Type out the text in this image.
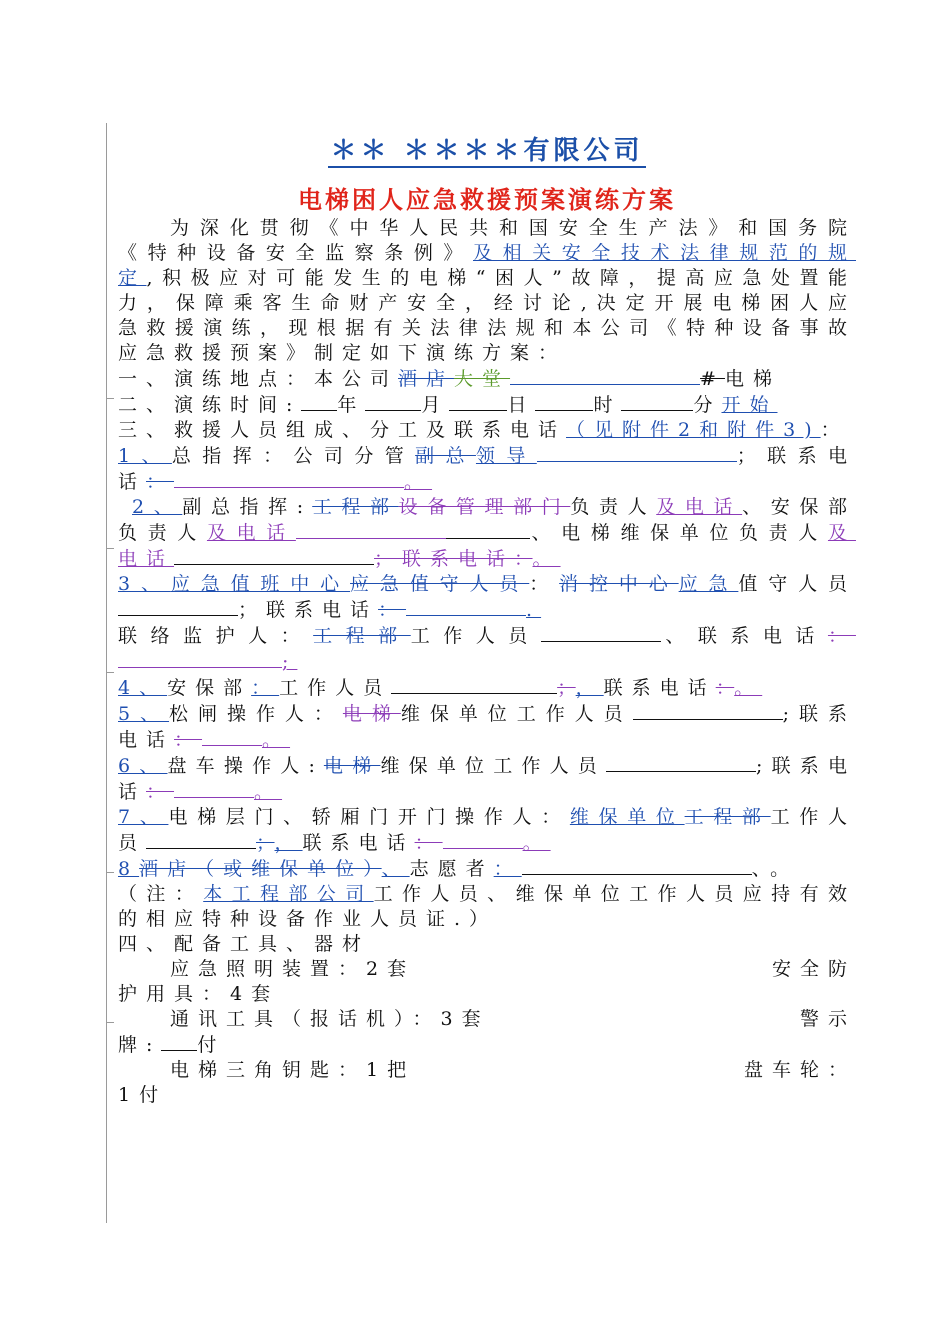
＊＊ ＊＊＊＊有限公司
电梯困人应急救援预案演练方案

为深化贯彻《中华人民共和国安全生产法》和国务院《特种设备安全监察条例》及相关安全技术法律规范的规定,积极应对可能发生的电梯“困人”故障，提高应急处置能力，保障乘客生命财产安全，经讨论,决定开展电梯困人应急救援演练，现根据有关法律法规和本公司《特种设备事故应急救援预案》制定如下演练方案：

一、演练地点：本公司酒店大堂	#电梯

二、演练时间: 年	月	日	时	分开始

三、救援人员组成、分工及联系电话（见附件2和附件3)：

1、总指挥：公司分管副总领导	；联系电话：	。

2、副总指挥:工程部设备管理部门负责人及电话、安保部负责人及电话	、电梯维保单位负责人及电话	；联系电话：。

3、应急值班中心应急值守人员：消控中心应急值守人员；联系电话：	.

联络监护人：工程部工作人员	、联系电话：;

4、安保部：工作人员	；，联系电话：。

5、松闸操作人：电梯维保单位工作人员	;联系电话：	。

6、盘车操作人:电梯维保单位工作人员	;联系电话：	。

7、电梯层门、轿厢门开门操作人：维保单位工程部工作人员	；，联系电话：	。

8酒店（或维保单位）、志愿者：	、。

（注：本工程部公司工作人员、维保单位工作人员应持有效的相应特种设备作业人员证.）

四、配备工具、器材

应急照明装置：2套	安全防

护用具：4套

通讯工具（报话机）：3套	警示

牌: 付

电梯三角钥匙：1把	盘车轮：

1付
